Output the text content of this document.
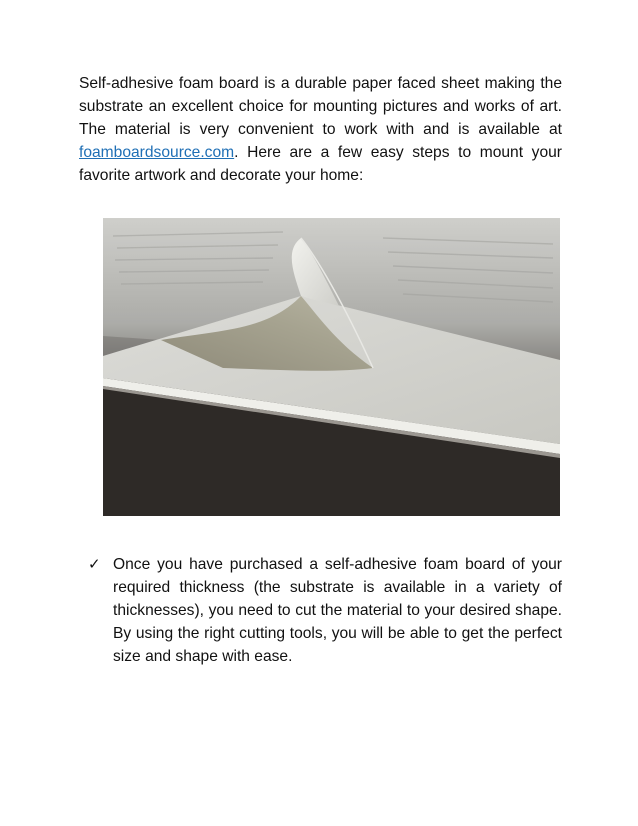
Self-adhesive foam board is a durable paper faced sheet making the substrate an excellent choice for mounting pictures and works of art. The material is very convenient to work with and is available at foamboardsource.com. Here are a few easy steps to mount your favorite artwork and decorate your home:

✓ Once you have purchased a self-adhesive foam board of your required thickness (the substrate is available in a variety of thicknesses), you need to cut the material to your desired shape. By using the right cutting tools, you will be able to get the perfect size and shape with ease.
